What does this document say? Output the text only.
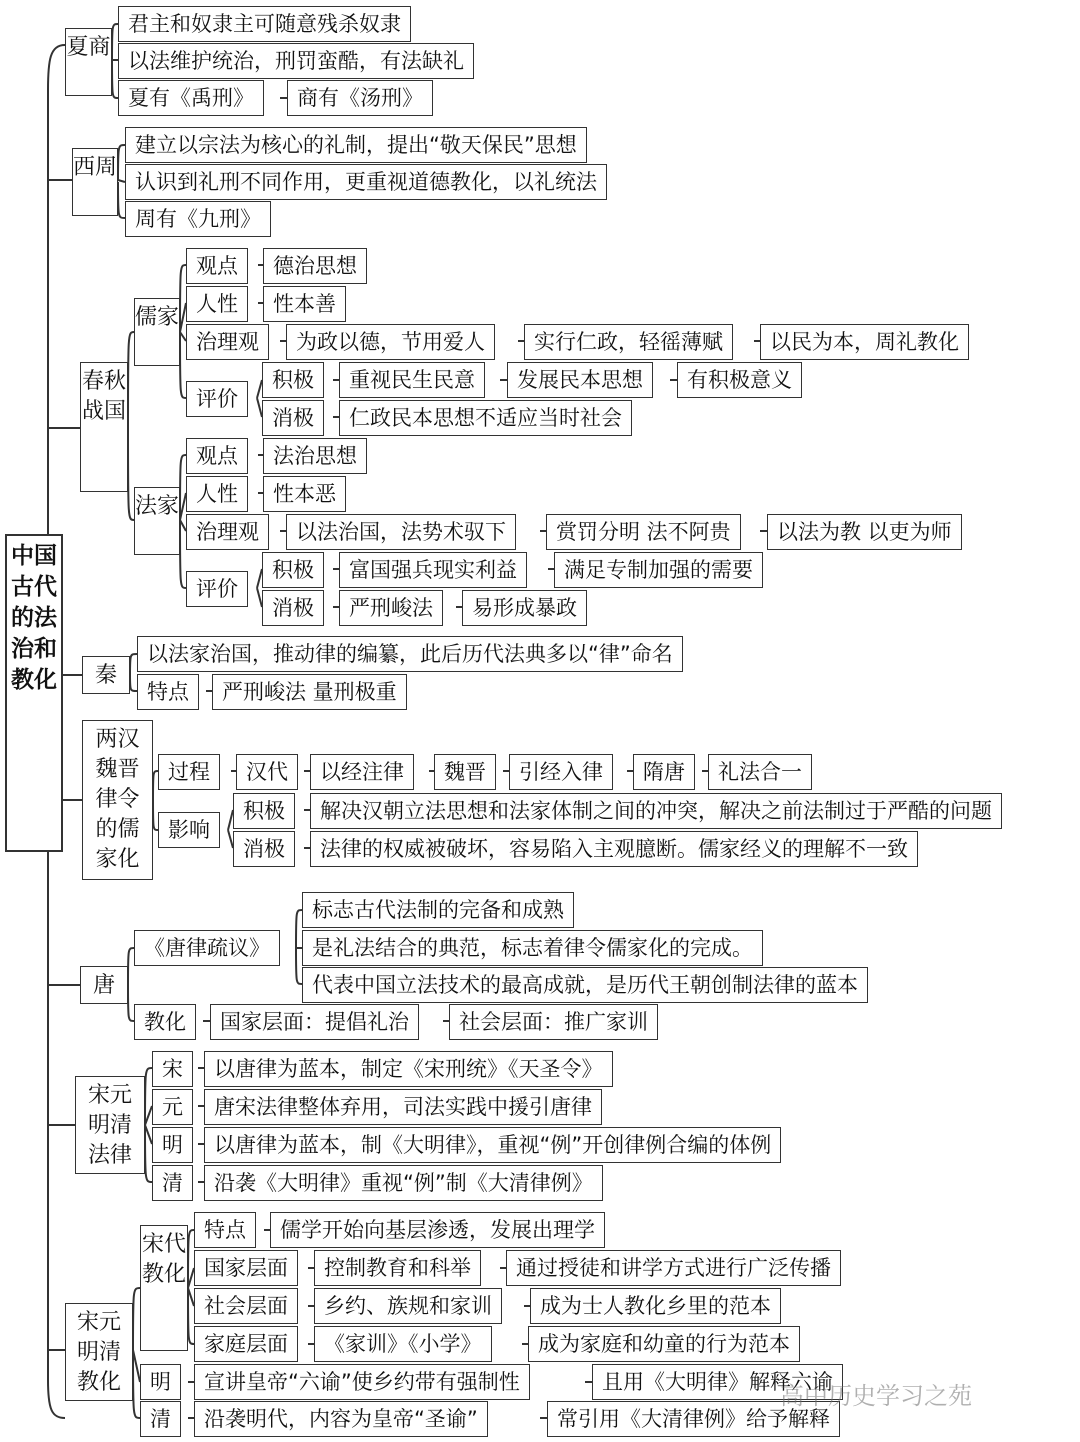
中国古代的法治和教化
夏商
君主和奴隶主可随意残杀奴隶
以法维护统治，刑罚蛮酷，有法缺礼
夏有《禹刑》	商有《汤刑》
西周
建立以宗法为核心的礼制，提出“敬天保民”思想
认识到礼刑不同作用，更重视道德教化，以礼统法
周有《九刑》
春秋战国
儒家
观点	德治思想
人性	性本善
治理观	为政以德，节用爱人	实行仁政，轻徭薄赋	以民为本，周礼教化
评价
积极	重视民生民意	发展民本思想	有积极意义
消极	仁政民本思想不适应当时社会
法家
观点	法治思想
人性	性本恶
治理观	以法治国，法势术驭下	赏罚分明 法不阿贵	以法为教 以吏为师
评价
积极	富国强兵现实利益	满足专制加强的需要
消极	严刑峻法	易形成暴政
秦
以法家治国，推动律的编纂，此后历代法典多以“律”命名
特点	严刑峻法 量刑极重
两汉魏晋律令的儒家化
过程	汉代	以经注律	魏晋	引经入律	隋唐	礼法合一
影响
积极	解决汉朝立法思想和法家体制之间的冲突，解决之前法制过于严酷的问题
消极	法律的权威被破坏，容易陷入主观臆断。儒家经义的理解不一致
唐
《唐律疏议》
标志古代法制的完备和成熟
是礼法结合的典范，标志着律令儒家化的完成。
代表中国立法技术的最高成就，是历代王朝创制法律的蓝本
教化	国家层面：提倡礼治	社会层面：推广家训
宋元明清法律
宋	以唐律为蓝本，制定《宋刑统》《天圣令》
元	唐宋法律整体弃用，司法实践中援引唐律
明	以唐律为蓝本，制《大明律》，重视“例”开创律例合编的体例
清	沿袭《大明律》重视“例”制《大清律例》
宋元明清教化
宋代教化
特点	儒学开始向基层渗透，发展出理学
国家层面	控制教育和科举	通过授徒和讲学方式进行广泛传播
社会层面	乡约、族规和家训	成为士人教化乡里的范本
家庭层面	《家训》《小学》	成为家庭和幼童的行为范本
明	宣讲皇帝“六谕”使乡约带有强制性	且用《大明律》解释六谕
清	沿袭明代，内容为皇帝“圣谕”	常引用《大清律例》给予解释
高中历史学习之苑
